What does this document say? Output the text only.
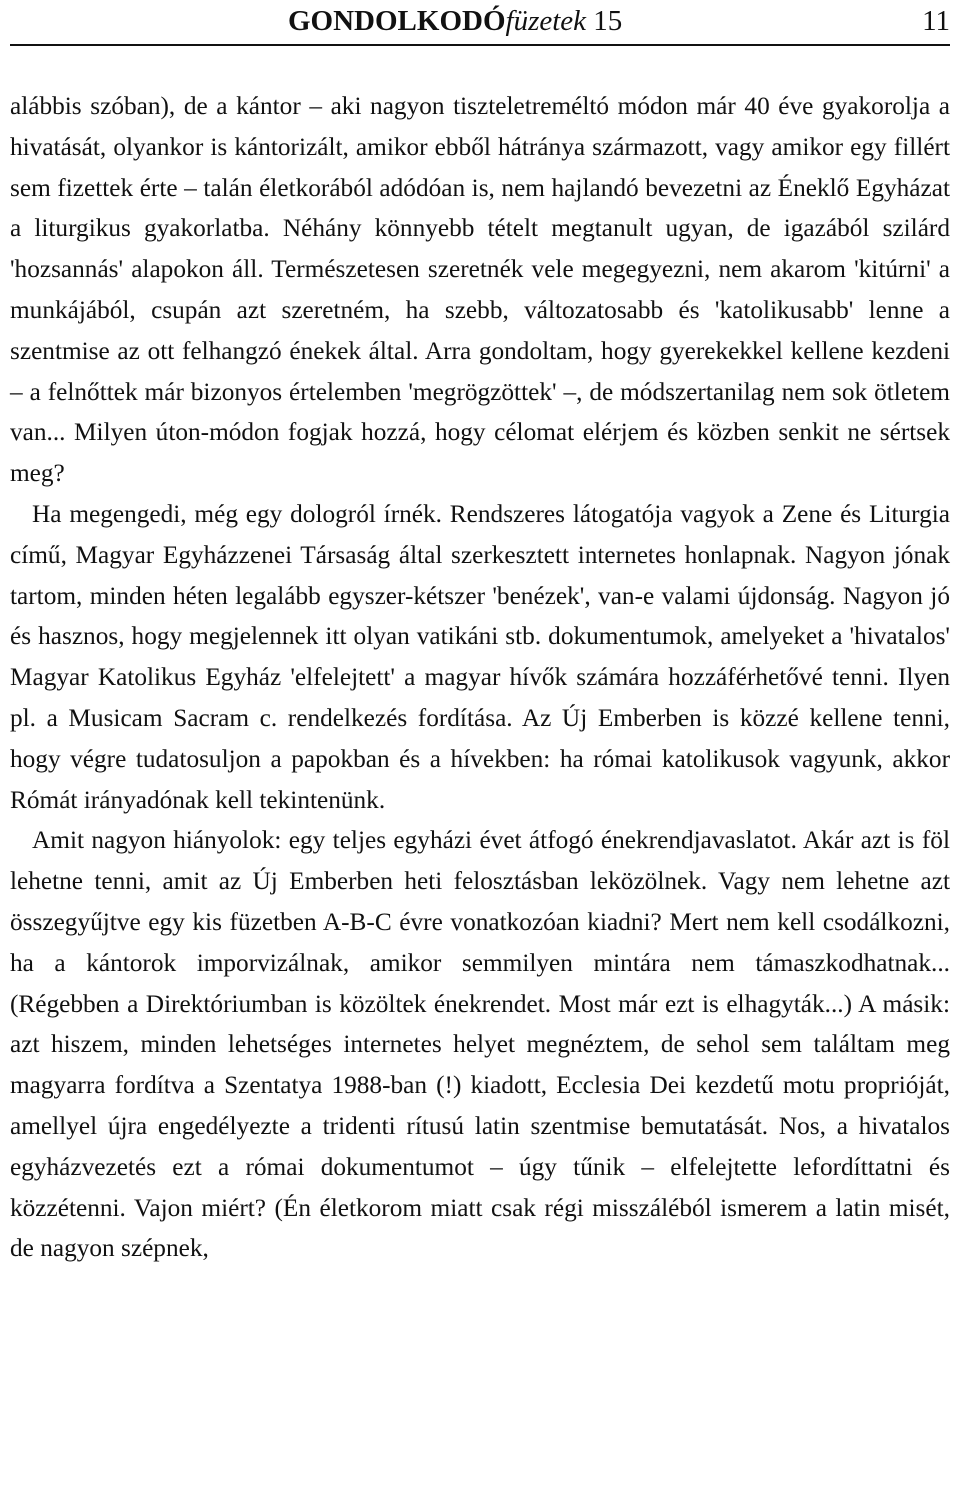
GONDOLKODÓfüzetek 15	11

alábbis szóban), de a kántor – aki nagyon tiszteletreméltó módon már 40 éve gyakorolja a hivatását, olyankor is kántorizált, amikor ebből hátránya származott, vagy amikor egy fillért sem fizettek érte – talán életkorából adódóan is, nem hajlandó bevezetni az Éneklő Egyházat a liturgikus gyakorlatba. Néhány könnyebb tételt megtanult ugyan, de igazából szilárd 'hozsannás' alapokon áll. Természetesen szeretnék vele megegyezni, nem akarom 'kitúrni' a munkájából, csupán azt szeretném, ha szebb, változatosabb és 'katolikusabb' lenne a szentmise az ott felhangzó énekek által. Arra gondoltam, hogy gyerekekkel kellene kezdeni – a felnőttek már bizonyos értelemben 'megrögzöttek' –, de módszertanilag nem sok ötletem van... Milyen úton-módon fogjak hozzá, hogy célomat elérjem és közben senkit ne sértsek meg?

Ha megengedi, még egy dologról írnék. Rendszeres látogatója vagyok a Zene és Liturgia című, Magyar Egyházzenei Társaság által szerkesztett internetes honlapnak. Nagyon jónak tartom, minden héten legalább egyszer-kétszer 'benézek', van-e valami újdonság. Nagyon jó és hasznos, hogy megjelennek itt olyan vatikáni stb. dokumentumok, amelyeket a 'hivatalos' Magyar Katolikus Egyház 'elfelejtett' a magyar hívők számára hozzáférhetővé tenni. Ilyen pl. a Musicam Sacram c. rendelkezés fordítása. Az Új Emberben is közzé kellene tenni, hogy végre tudatosuljon a papokban és a hívekben: ha római katolikusok vagyunk, akkor Rómát irányadónak kell tekintenünk.

Amit nagyon hiányolok: egy teljes egyházi évet átfogó énekrendjavaslatot. Akár azt is föl lehetne tenni, amit az Új Emberben heti felosztásban leközölnek. Vagy nem lehetne azt összegyűjtve egy kis füzetben A-B-C évre vonatkozóan kiadni? Mert nem kell csodálkozni, ha a kántorok imporvizálnak, amikor semmilyen mintára nem támaszkodhatnak... (Régebben a Direktóriumban is közöltek énekrendet. Most már ezt is elhagyták...) A másik: azt hiszem, minden lehetséges internetes helyet megnéztem, de sehol sem találtam meg magyarra fordítva a Szentatya 1988-ban (!) kiadott, Ecclesia Dei kezdetű motu proprióját, amellyel újra engedélyezte a tridenti rítusú latin szentmise bemutatását. Nos, a hivatalos egyházvezetés ezt a római dokumentumot – úgy tűnik – elfelejtette lefordíttatni és közzétenni. Vajon miért? (Én életkorom miatt csak régi misszáléból ismerem a latin misét, de nagyon szépnek,
